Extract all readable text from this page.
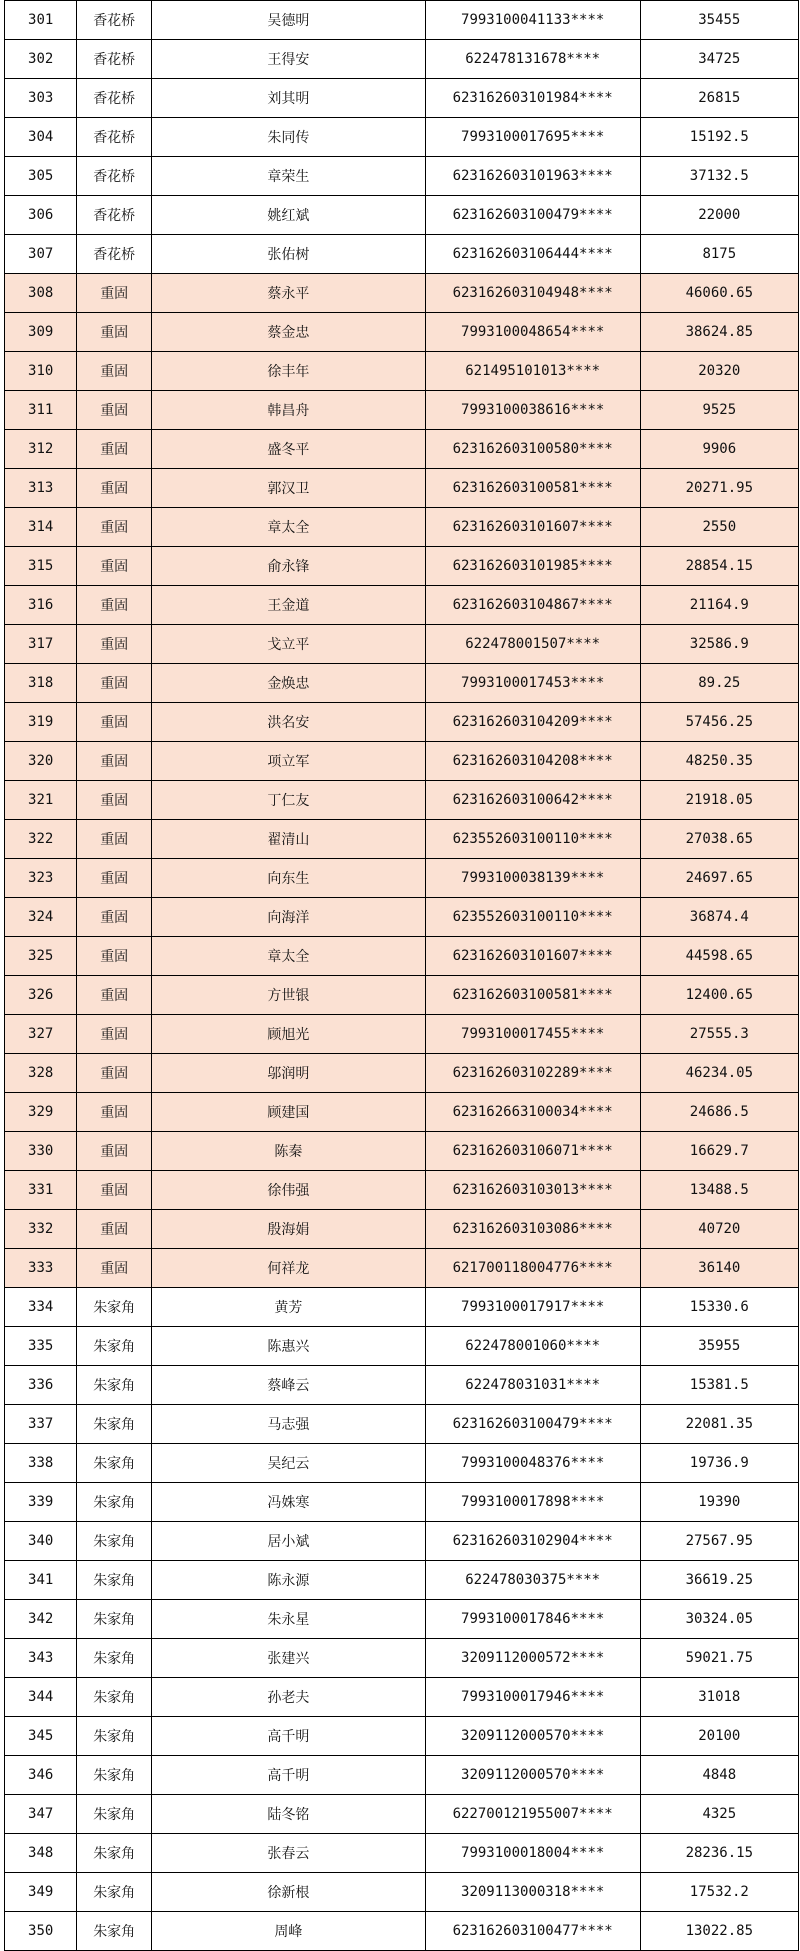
301	香花桥	吴德明	7993100041133****	35455
302	香花桥	王得安	622478131678****	34725
303	香花桥	刘其明	623162603101984****	26815
304	香花桥	朱同传	7993100017695****	15192.5
305	香花桥	章荣生	623162603101963****	37132.5
306	香花桥	姚红斌	623162603100479****	22000
307	香花桥	张佑树	623162603106444****	8175
308	重固	蔡永平	623162603104948****	46060.65
309	重固	蔡金忠	7993100048654****	38624.85
310	重固	徐丰年	621495101013****	20320
311	重固	韩昌舟	7993100038616****	9525
312	重固	盛冬平	623162603100580****	9906
313	重固	郭汉卫	623162603100581****	20271.95
314	重固	章太全	623162603101607****	2550
315	重固	俞永锋	623162603101985****	28854.15
316	重固	王金道	623162603104867****	21164.9
317	重固	戈立平	622478001507****	32586.9
318	重固	金焕忠	7993100017453****	89.25
319	重固	洪名安	623162603104209****	57456.25
320	重固	项立军	623162603104208****	48250.35
321	重固	丁仁友	623162603100642****	21918.05
322	重固	翟清山	623552603100110****	27038.65
323	重固	向东生	7993100038139****	24697.65
324	重固	向海洋	623552603100110****	36874.4
325	重固	章太全	623162603101607****	44598.65
326	重固	方世银	623162603100581****	12400.65
327	重固	顾旭光	7993100017455****	27555.3
328	重固	邬润明	623162603102289****	46234.05
329	重固	顾建国	623162663100034****	24686.5
330	重固	陈秦	623162603106071****	16629.7
331	重固	徐伟强	623162603103013****	13488.5
332	重固	殷海娟	623162603103086****	40720
333	重固	何祥龙	621700118004776****	36140
334	朱家角	黄芳	7993100017917****	15330.6
335	朱家角	陈惠兴	622478001060****	35955
336	朱家角	蔡峰云	622478031031****	15381.5
337	朱家角	马志强	623162603100479****	22081.35
338	朱家角	吴纪云	7993100048376****	19736.9
339	朱家角	冯姝寒	7993100017898****	19390
340	朱家角	居小斌	623162603102904****	27567.95
341	朱家角	陈永源	622478030375****	36619.25
342	朱家角	朱永星	7993100017846****	30324.05
343	朱家角	张建兴	3209112000572****	59021.75
344	朱家角	孙老夫	7993100017946****	31018
345	朱家角	高千明	3209112000570****	20100
346	朱家角	高千明	3209112000570****	4848
347	朱家角	陆冬铭	622700121955007****	4325
348	朱家角	张春云	7993100018004****	28236.15
349	朱家角	徐新根	3209113000318****	17532.2
350	朱家角	周峰	623162603100477****	13022.85
